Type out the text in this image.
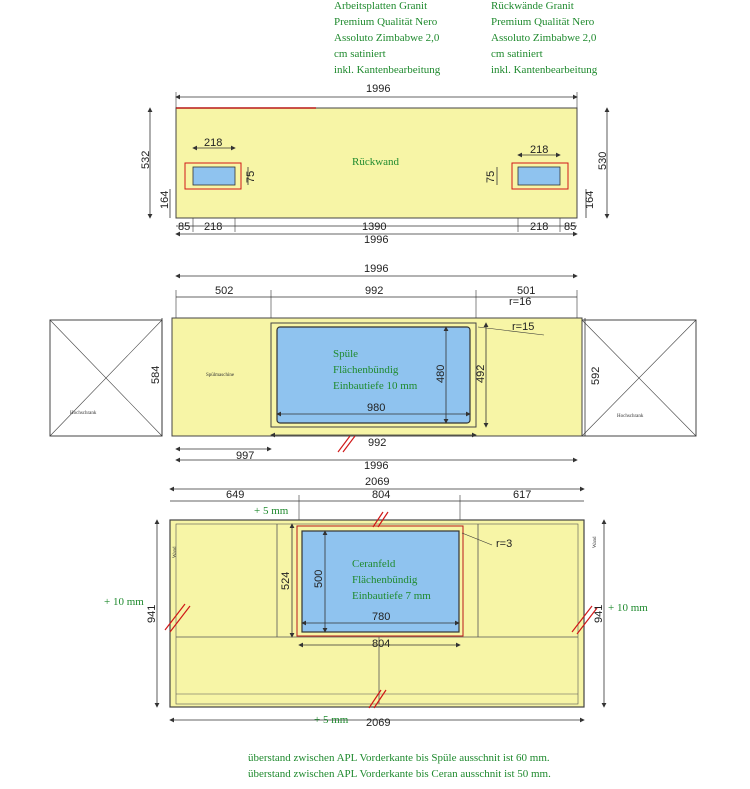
Arbeitsplatten Granit
Premium Qualität Nero
Assoluto Zimbabwe 2,0
cm satiniert
inkl. Kantenbearbeitung
Rückwände Granit
Premium Qualität Nero
Assoluto Zimbabwe 2,0
cm satiniert
inkl. Kantenbearbeitung
1996
Rückwand
218
75
218
75
532
164
530
164
85 218	1390	218 85
1996
1996
502	992	501
r=16
Hochschrank
Hochschrank
Spülmaschine
Spüle
Flächenbündig
Einbautiefe 10 mm
980
480	492
r=15
584	592
992
997
1996
2069
649	804	617
+ 5 mm
Wand
Wand
Ceranfeld
Flächenbündig
Einbautiefe 7 mm
780
500
524
r=3
804
941	941
+ 10 mm	+ 10 mm
+ 5 mm 2069
überstand zwischen APL Vorderkante bis Spüle ausschnit ist 60 mm.
überstand zwischen APL Vorderkante bis Ceran ausschnit ist 50 mm.
